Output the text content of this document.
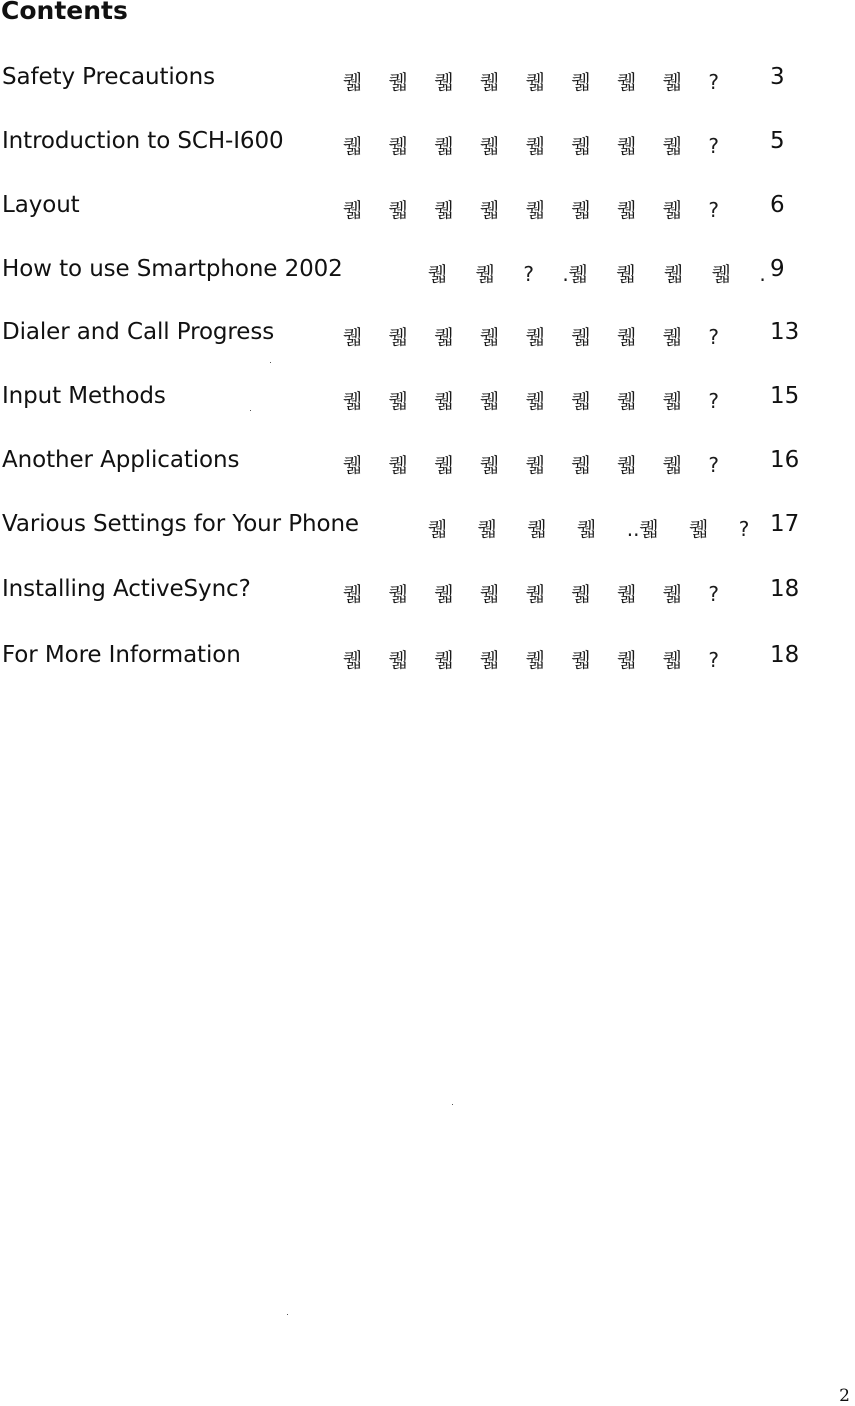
Contents
Safety Precautions	퀣 퀣 퀣 퀣 퀣 퀣 퀣 퀣 ? 3
Introduction to SCH-I600	퀣 퀣 퀣 퀣 퀣 퀣 퀣 퀣 ? 5
Layout	퀣 퀣 퀣 퀣 퀣 퀣 퀣 퀣 ? 6
How to use Smartphone 2002	퀣 퀣 ? .퀣 퀣 퀣 퀣 . 9
Dialer and Call Progress	퀣 퀣 퀣 퀣 퀣 퀣 퀣 퀣 ? 13
Input Methods	퀣 퀣 퀣 퀣 퀣 퀣 퀣 퀣 ? 15
Another Applications	퀣 퀣 퀣 퀣 퀣 퀣 퀣 퀣 ? 16
Various Settings for Your Phone	퀣 퀣 퀣 퀣 ..퀣 퀣 ? 17
Installing ActiveSync?	퀣 퀣 퀣 퀣 퀣 퀣 퀣 퀣 ? 18
For More Information	퀣 퀣 퀣 퀣 퀣 퀣 퀣 퀣 ? 18
2
